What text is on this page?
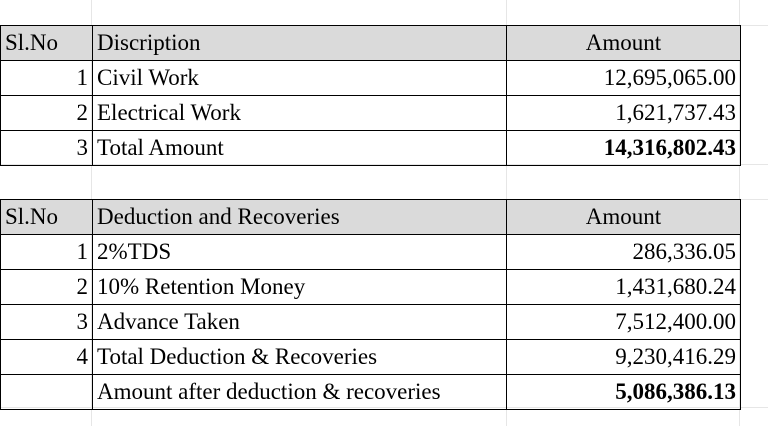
Sl.No	Discription	Amount
1	Civil Work	12,695,065.00
2	Electrical Work	1,621,737.43
3	Total Amount	14,316,802.43
Sl.No	Deduction and Recoveries	Amount
1	2%TDS	286,336.05
2	10% Retention Money	1,431,680.24
3	Advance Taken	7,512,400.00
4	Total Deduction & Recoveries	9,230,416.29
	Amount after deduction & recoveries	5,086,386.13
